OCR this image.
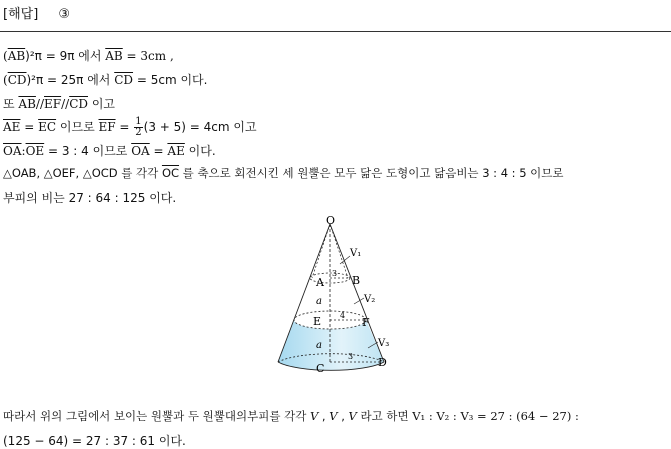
[해답] ③
$(\overline{AB})^2\pi = 9\pi$ 에서 $\overline{AB} = 3cm$ ,
$(\overline{CD})^2\pi = 25\pi$ 에서 $\overline{CD} = 5cm$ 이다.
또 $\overline{AB}//\overline{EF}//\overline{CD}$ 이고
$\overline{AE} = \overline{EC}$ 이므로 $\overline{EF} = \frac{1}{2} (3 + 5) = 4cm$ 이고
$\overline{OA}:\overline{OE} = 3$ : 4 이므로 $\overline{OA} = \overline{AE}$ 이다.
△OAB, △OEF, △OCD 를 각각 $\overline{OC}$ 를 축으로 회전시킨 세 원뿔은 모두 닮은 도형이고 닮음비는 3 : 4 : 5 이므로
부피의 비는 27 : 64 : 125 이다.
O
A	B
E	F
C	D
V₁
V₂
V₃
a
a
3
4
3
따라서 위의 그림에서 보이는 원뿔과 두 원뿔대의부피를 각각 V , V , V 라고 하면 V₁ : V₂ : V₃ = 27 : (64 − 27) :
(125 − 64) = 27 : 37 : 61 이다.
